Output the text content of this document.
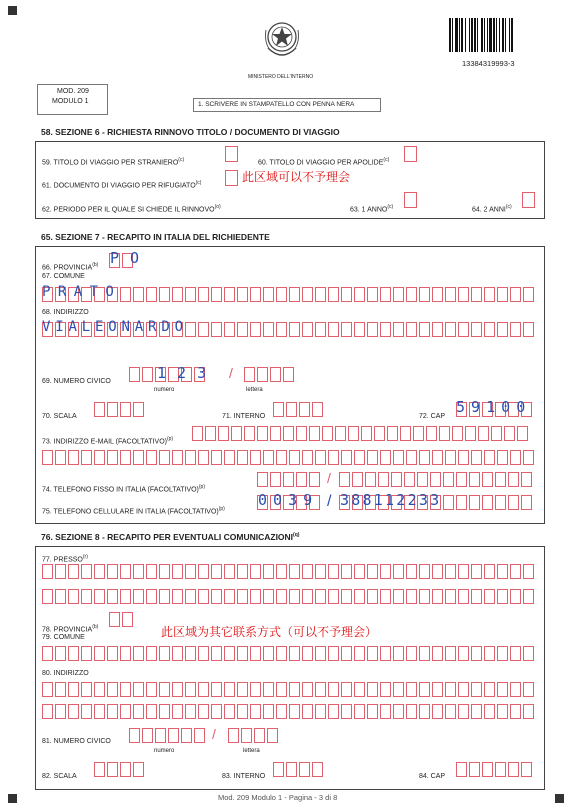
MINISTERO DELL'INTERNO
13384319993-3
MOD. 209
MODULO 1	1. SCRIVERE IN STAMPATELLO CON PENNA NERA
58. SEZIONE 6 - RICHIESTA RINNOVO TITOLO / DOCUMENTO DI VIAGGIO
59. TITOLO DI VIAGGIO PER STRANIERO$^{(c)}$	60. TITOLO DI VIAGGIO PER APOLIDE$^{(c)}$
61. DOCUMENTO DI VIAGGIO PER RIFUGIATO$^{(c)}$	此区域可以不予理会
62. PERIODO PER IL QUALE SI CHIEDE IL RINNOVO$^{(o)}$	63. 1 ANNO$^{(c)}$	64. 2 ANNI$^{(c)}$
65. SEZIONE 7 - RECAPITO IN ITALIA DEL RICHIEDENTE
66. PROVINCIA$^{(b)}$ P O
67. COMUNE
P R A T O
68. INDIRIZZO
V I A L E O N A R D O
69. NUMERO CIVICO	1 2 3 /
numero	lettera
70. SCALA	71. INTERNO	72. CAP
5 9 1 0 0
73. INDIRIZZO E-MAIL (FACOLTATIVO)$^{(p)}$
74. TELEFONO FISSO IN ITALIA (FACOLTATIVO)$^{(p)}$
/
75. TELEFONO CELLULARE IN ITALIA (FACOLTATIVO)$^{(p)}$ 0 0 3 9 / 3 8 8 1 1 2 2 3 3
76. SEZIONE 8 - RECAPITO PER EVENTUALI COMUNICAZIONI$^{(q)}$
77. PRESSO$^{(r)}$
78. PROVINCIA$^{(b)}$	此区域为其它联系方式（可以不予理会）
79. COMUNE
80. INDIRIZZO
81. NUMERO CIVICO	/
numero	lettera
82. SCALA	83. INTERNO	84. CAP
Mod. 209 Modulo 1 - Pagina - 3 di 8
